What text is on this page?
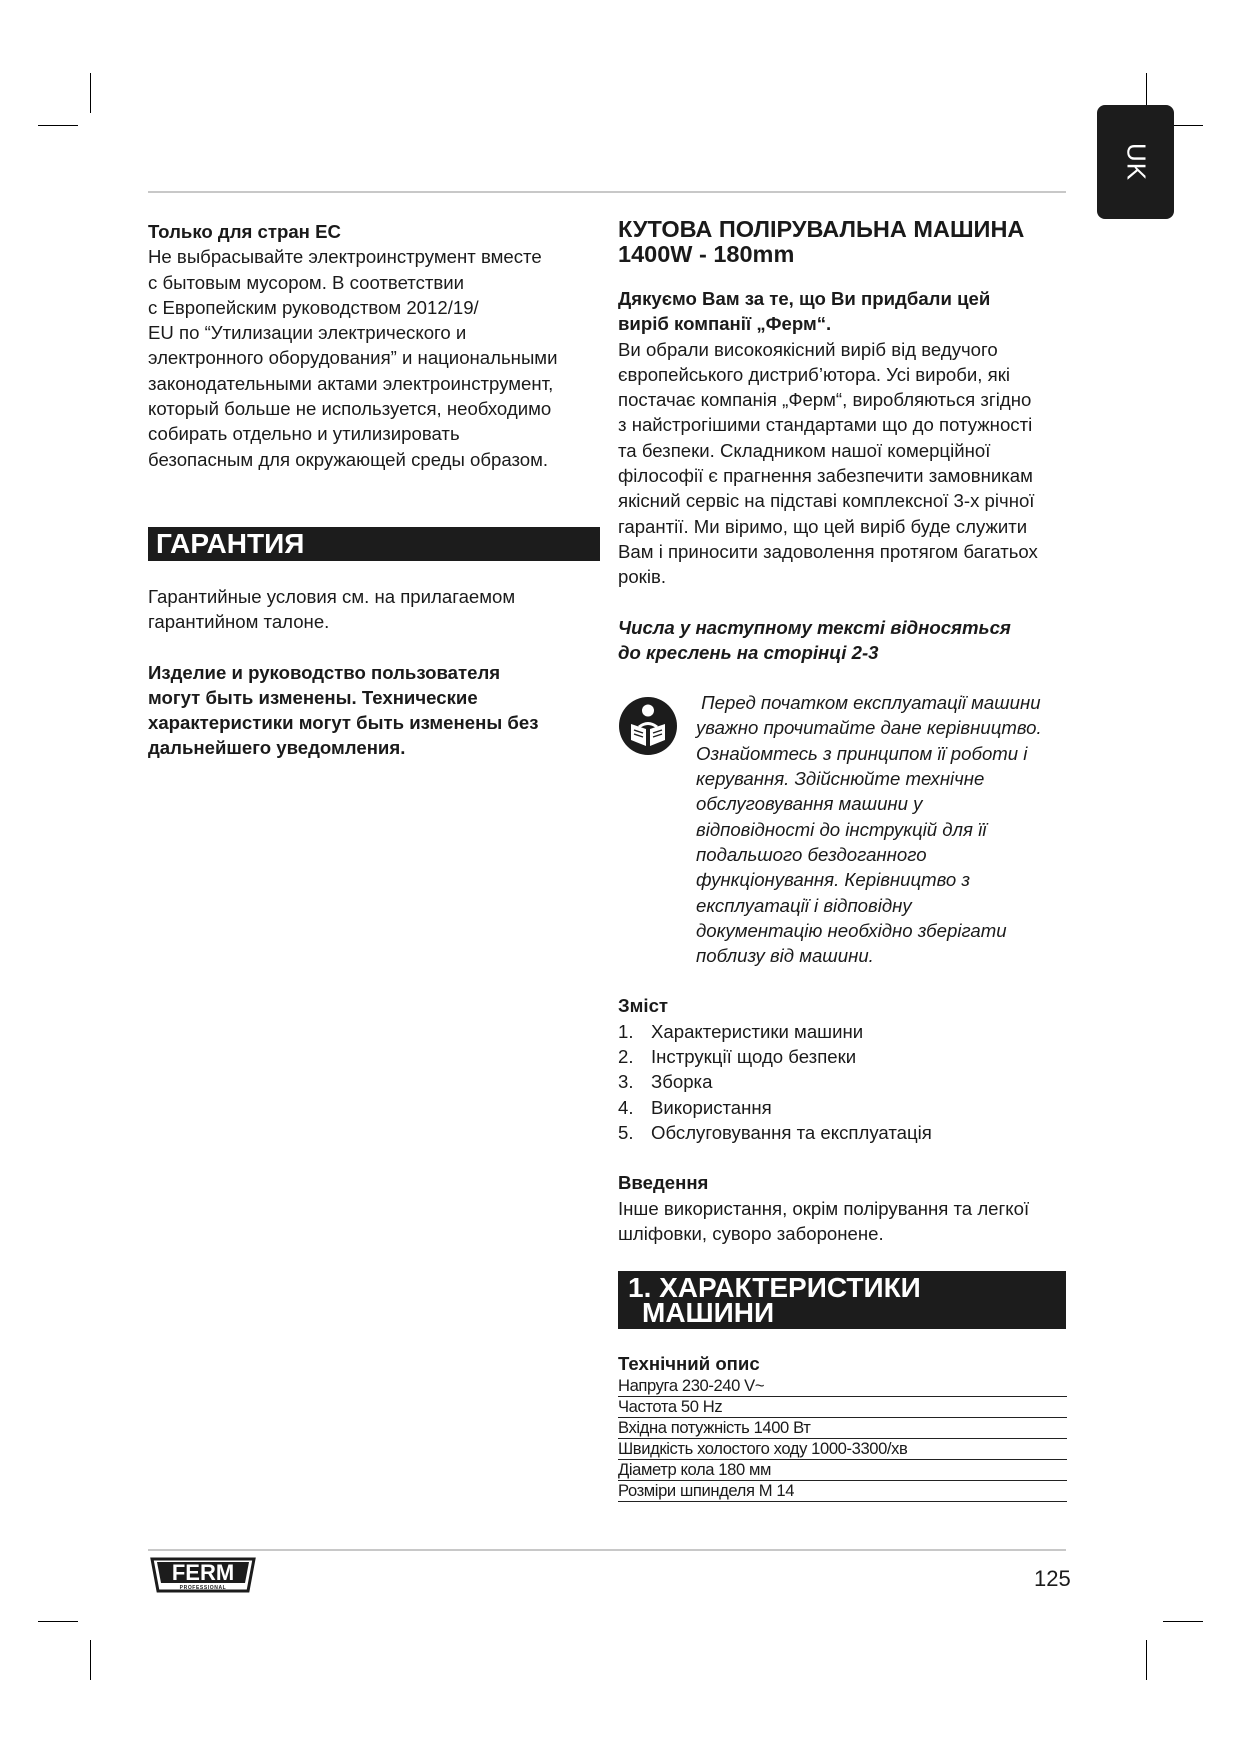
UK

Только для стран ЕС

Не выбрасывайте электроинструмент вместе

с бытовым мусором. В соответствии

с Европейским руководством 2012/19/

EU по “Утилизации электрического и

электронного оборудования” и национальными

законодательными актами электроинструмент,

который больше не используется, необходимо

собирать отдельно и утилизировать

безопасным для окружающей среды образом.

ГАРАНТИЯ

Гарантийные условия см. на прилагаемом

гарантийном талоне.

Изделие и руководство пользователя

могут быть изменены. Технические

характеристики могут быть изменены без

дальнейшего уведомления.

КУТОВА ПОЛІРУВАЛЬНА МАШИНА

1400W - 180mm

Дякуємо Вам за те, що Ви придбали цей

виріб компанії „Ферм“.

Ви обрали високоякісний виріб від ведучого

європейського дистриб’ютора. Усі вироби, які

постачає компанія „Ферм“, виробляються згідно

з найстрогішими стандартами що до потужності

та безпеки. Складником нашої комерційної

філософії є прагнення забезпечити замовникам

якісний сервіс на підставі комплексної 3-х річної

гарантії. Ми віримо, що цей виріб буде служити

Вам і приносити задоволення протягом багатьох

років.

Числа у наступному тексті відносяться

до креслень на сторінці 2-3

Перед початком експлуатації машини

уважно прочитайте дане керівництво.

Ознайомтесь з принципом її роботи і

керування. Здійснюйте технічне

обслуговування машини у

відповідності до інструкцій для її

подальшого бездоганного

функціонування. Керівництво з

експлуатації і відповідну

документацію необхідно зберігати

поблизу від машини.

Зміст

1. Характеристики машини
2. Інструкції щодо безпеки
3. Зборка
4. Використання
5. Обслуговування та експлуатація

Введення

Інше використання, окрім полірування та легкої

шліфовки, суворо заборонене.

1. ХАРАКТЕРИСТИКИ
МАШИНИ

Технічний опис

Напруга 230-240 V~
Частота 50 Hz
Вхідна потужність 1400 Вт
Швидкість холостого ходу 1000-3300/хв
Діаметр кола 180 мм
Розміри шпинделя М 14
FERM
PROFESSIONAL	125
